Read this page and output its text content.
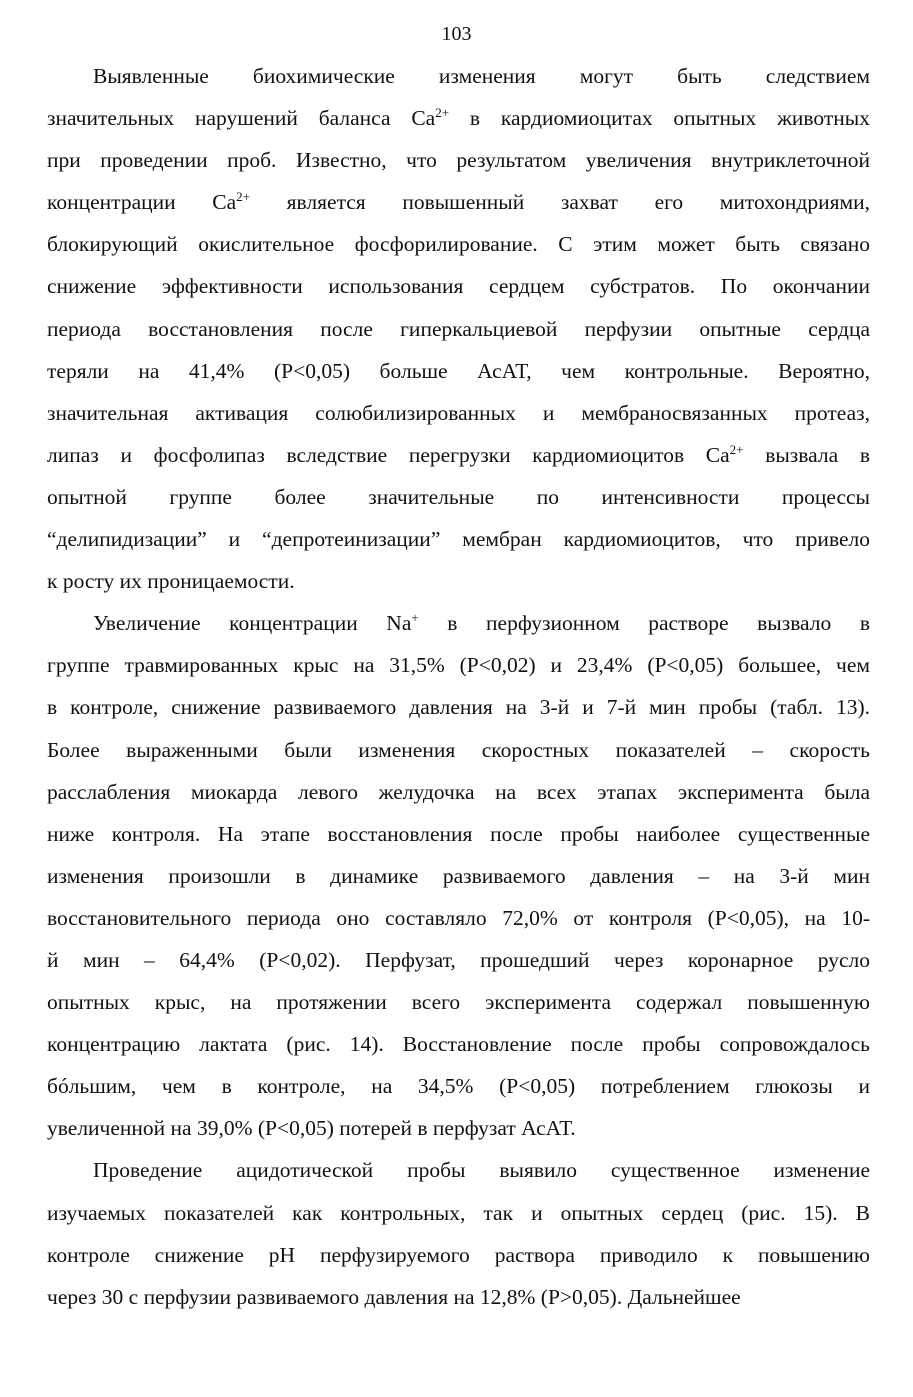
103
Выявленные биохимические изменения могут быть следствием
значительных нарушений баланса $Ca^{2+}$ в кардиомиоцитах опытных животных
при проведении проб. Известно, что результатом увеличения внутриклеточной
концентрации $Ca^{2+}$ является повышенный захват его митохондриями,
блокирующий окислительное фосфорилирование. С этим может быть связано
снижение эффективности использования сердцем субстратов. По окончании
периода восстановления после гиперкальциевой перфузии опытные сердца
теряли на 41,4% (P<0,05) больше АсАТ, чем контрольные. Вероятно,
значительная активация солюбилизированных и мембраносвязанных протеаз,
липаз и фосфолипаз вследствие перегрузки кардиомиоцитов $Ca^{2+}$ вызвала в
опытной группе более значительные по интенсивности процессы
“делипидизации” и “депротеинизации” мембран кардиомиоцитов, что привело
к росту их проницаемости.
Увеличение концентрации Na+ в перфузионном растворе вызвало в
группе травмированных крыс на 31,5% (P<0,02) и 23,4% (P<0,05) большее, чем
в контроле, снижение развиваемого давления на 3-й и 7-й мин пробы (табл. 13).
Более выраженными были изменения скоростных показателей – скорость
расслабления миокарда левого желудочка на всех этапах эксперимента была
ниже контроля. На этапе восстановления после пробы наиболее существенные
изменения произошли в динамике развиваемого давления – на 3-й мин
восстановительного периода оно составляло 72,0% от контроля (P<0,05), на 10-
й мин – 64,4% (P<0,02). Перфузат, прошедший через коронарное русло
опытных крыс, на протяжении всего эксперимента содержал повышенную
концентрацию лактата (рис. 14). Восстановление после пробы сопровождалось
бóльшим, чем в контроле, на 34,5% (P<0,05) потреблением глюкозы и
увеличенной на 39,0% (P<0,05) потерей в перфузат АсАТ.
Проведение ацидотической пробы выявило существенное изменение
изучаемых показателей как контрольных, так и опытных сердец (рис. 15). В
контроле снижение pH перфузируемого раствора приводило к повышению
через 30 с перфузии развиваемого давления на 12,8% (P>0,05). Дальнейшее
